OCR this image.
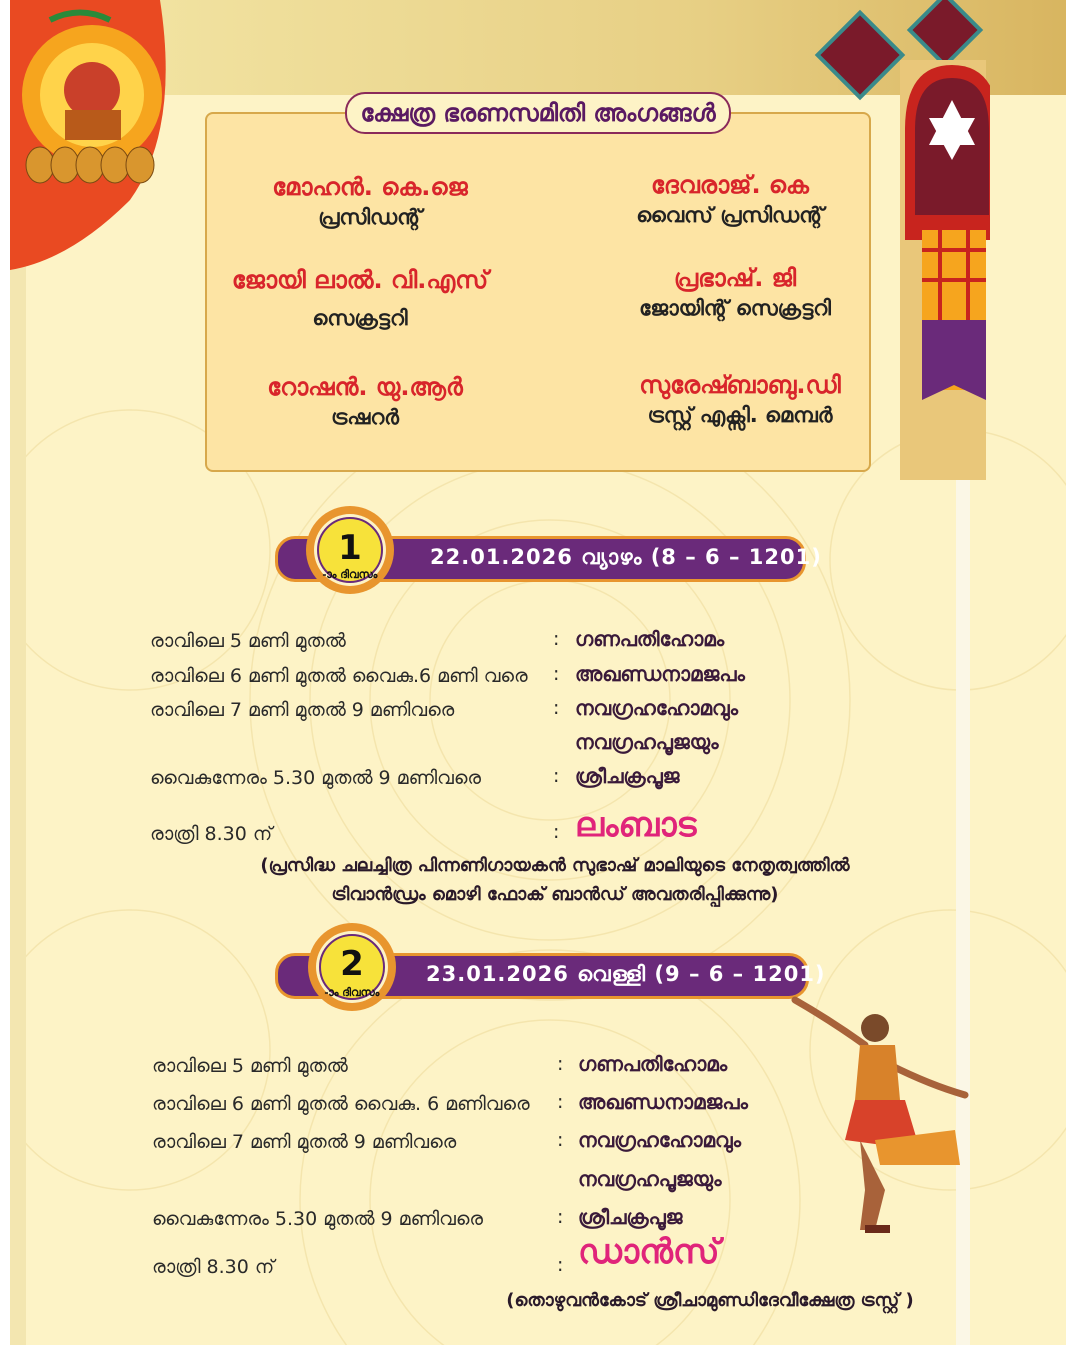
ക്ഷേത്ര ഭരണസമിതി അംഗങ്ങൾ
മോഹൻ. കെ.ജെ
പ്രസിഡന്റ്
ദേവരാജ്. കെ
വൈസ് പ്രസിഡന്റ്
ജോയി ലാൽ. വി.എസ്
സെക്രട്ടറി
പ്രഭാഷ്. ജി
ജോയിന്റ് സെക്രട്ടറി
റോഷൻ. യു.ആർ
ട്രഷറർ
സുരേഷ്ബാബു.ഡി
ട്രസ്റ്റ് എക്സി. മെമ്പർ
22.01.2026 വ്യാഴം (8 – 6 – 1201)
1
-ാം ദിവസം
രാവിലെ 5 മണി മുതൽ	: ഗണപതിഹോമം
രാവിലെ 6 മണി മുതൽ വൈകു.6 മണി വരെ : അഖണ്ഡനാമജപം
രാവിലെ 7 മണി മുതൽ 9 മണിവരെ	: നവഗ്രഹഹോമവും
നവഗ്രഹപൂജയും
വൈകുന്നേരം 5.30 മുതൽ 9 മണിവരെ	: ശ്രീചക്രപൂജ
രാത്രി 8.30 ന്	: ലംബാട
(പ്രസിദ്ധ ചലച്ചിത്ര പിന്നണിഗായകൻ സുഭാഷ് മാലിയുടെ നേതൃത്വത്തിൽ
ട്രിവാൻഡ്രം മൊഴി ഫോക് ബാൻഡ് അവതരിപ്പിക്കുന്നു)
23.01.2026 വെള്ളി (9 – 6 – 1201)
2
-ാം ദിവസം
രാവിലെ 5 മണി മുതൽ	: ഗണപതിഹോമം
രാവിലെ 6 മണി മുതൽ വൈകു. 6 മണിവരെ : അഖണ്ഡനാമജപം
രാവിലെ 7 മണി മുതൽ 9 മണിവരെ	: നവഗ്രഹഹോമവും
നവഗ്രഹപൂജയും
വൈകുന്നേരം 5.30 മുതൽ 9 മണിവരെ	: ശ്രീചക്രപൂജ
രാത്രി 8.30 ന്	: ഡാൻസ്
(തൊഴുവൻകോട് ശ്രീചാമുണ്ഡിദേവീക്ഷേത്ര ട്രസ്റ്റ് )
